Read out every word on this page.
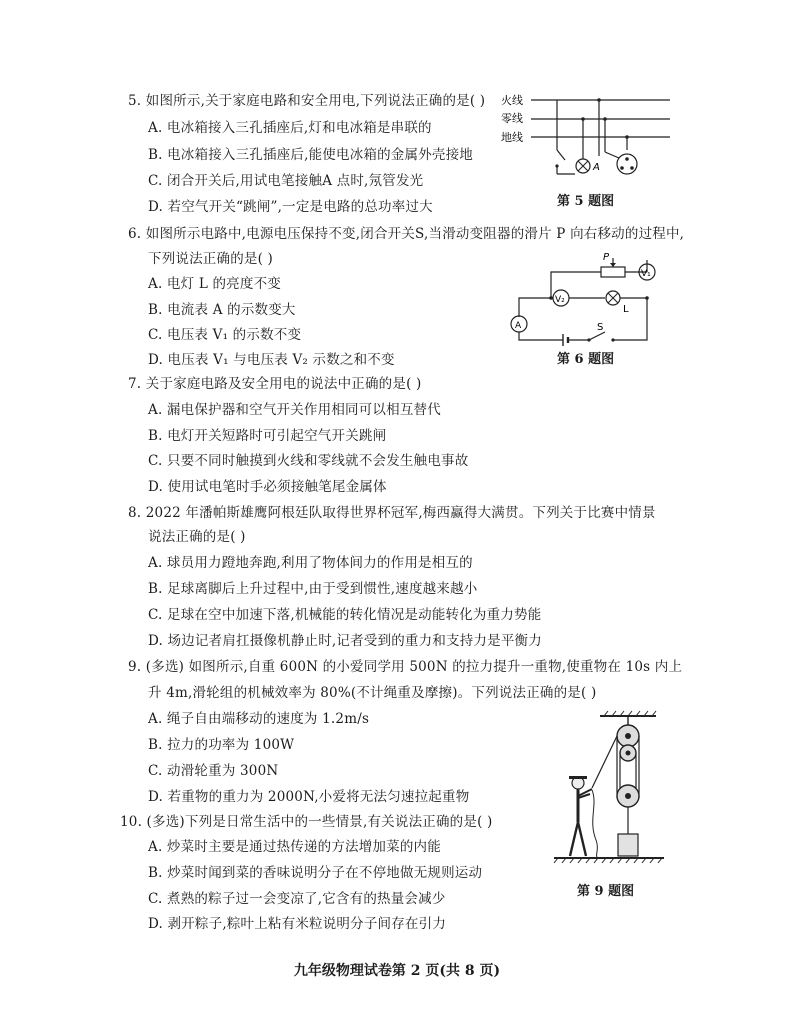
5. 如图所示,关于家庭电路和安全用电,下列说法正确的是( )
A. 电冰箱接入三孔插座后,灯和电冰箱是串联的
B. 电冰箱接入三孔插座后,能使电冰箱的金属外壳接地
C. 闭合开关后,用试电笔接触A 点时,氖管发光
D. 若空气开关“跳闸”,一定是电路的总功率过大
火线
零线
地线
A
第 5 题图
6. 如图所示电路中,电源电压保持不变,闭合开关S,当滑动变阻器的滑片 P 向右移动的过程中,
下列说法正确的是( )
A. 电灯 L 的亮度不变
B. 电流表 A 的示数变大
C. 电压表 V₁ 的示数不变
D. 电压表 V₁ 与电压表 V₂ 示数之和不变
V₂
L
P
V₁
A	S
第 6 题图
7. 关于家庭电路及安全用电的说法中正确的是( )
A. 漏电保护器和空气开关作用相同可以相互替代
B. 电灯开关短路时可引起空气开关跳闸
C. 只要不同时触摸到火线和零线就不会发生触电事故
D. 使用试电笔时手必须接触笔尾金属体
8. 2022 年潘帕斯雄鹰阿根廷队取得世界杯冠军,梅西赢得大满贯。下列关于比赛中情景
说法正确的是( )
A. 球员用力蹬地奔跑,利用了物体间力的作用是相互的
B. 足球离脚后上升过程中,由于受到惯性,速度越来越小
C. 足球在空中加速下落,机械能的转化情况是动能转化为重力势能
D. 场边记者肩扛摄像机静止时,记者受到的重力和支持力是平衡力
9. (多选) 如图所示,自重 600N 的小爱同学用 500N 的拉力提升一重物,使重物在 10s 内上
升 4m,滑轮组的机械效率为 80%(不计绳重及摩擦)。下列说法正确的是( )
A. 绳子自由端移动的速度为 1.2m/s
B. 拉力的功率为 100W
C. 动滑轮重为 300N
D. 若重物的重力为 2000N,小爱将无法匀速拉起重物
第 9 题图
10. (多选)下列是日常生活中的一些情景,有关说法正确的是( )
A. 炒菜时主要是通过热传递的方法增加菜的内能
B. 炒菜时闻到菜的香味说明分子在不停地做无规则运动
C. 煮熟的粽子过一会变凉了,它含有的热量会减少
D. 剥开粽子,粽叶上粘有米粒说明分子间存在引力
九年级物理试卷第 2 页(共 8 页)
